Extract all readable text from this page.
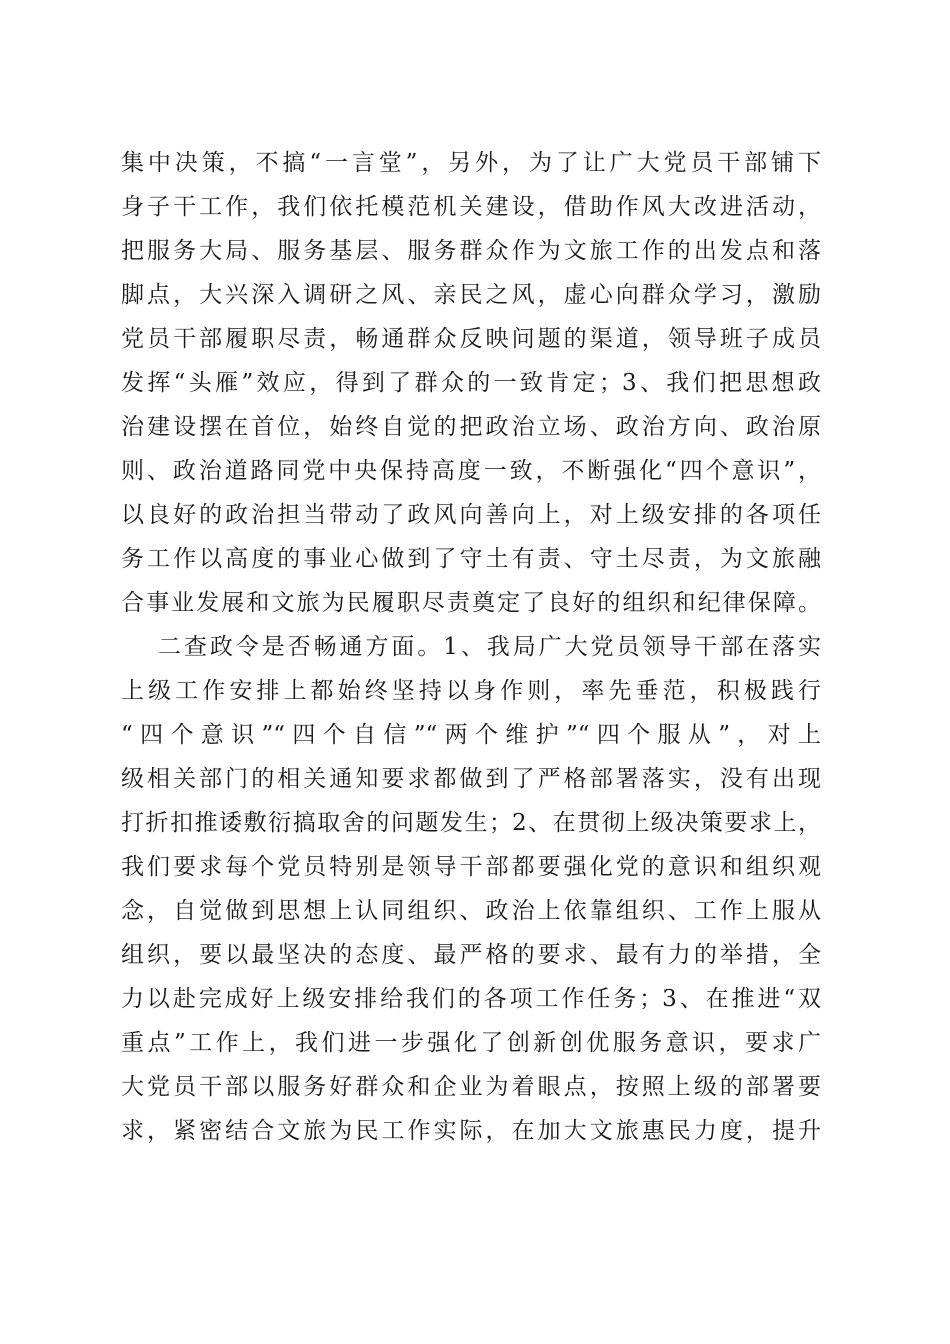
集中决策，不搞“一言堂”，另外，为了让广大党员干部铺下
身子干工作，我们依托模范机关建设，借助作风大改进活动，
把服务大局、服务基层、服务群众作为文旅工作的出发点和落
脚点，大兴深入调研之风、亲民之风，虚心向群众学习，激励
党员干部履职尽责，畅通群众反映问题的渠道，领导班子成员
发挥“头雁”效应，得到了群众的一致肯定；3、我们把思想政
治建设摆在首位，始终自觉的把政治立场、政治方向、政治原
则、政治道路同党中央保持高度一致，不断强化“四个意识”，
以良好的政治担当带动了政风向善向上，对上级安排的各项任
务工作以高度的事业心做到了守土有责、守土尽责，为文旅融
合事业发展和文旅为民履职尽责奠定了良好的组织和纪律保障。
二查政令是否畅通方面。1、我局广大党员领导干部在落实
上级工作安排上都始终坚持以身作则，率先垂范，积极践行
“四个意识”“四个自信”“两个维护”“四个服从”，对上
级相关部门的相关通知要求都做到了严格部署落实，没有出现
打折扣推诿敷衍搞取舍的问题发生；2、在贯彻上级决策要求上，
我们要求每个党员特别是领导干部都要强化党的意识和组织观
念，自觉做到思想上认同组织、政治上依靠组织、工作上服从
组织，要以最坚决的态度、最严格的要求、最有力的举措，全
力以赴完成好上级安排给我们的各项工作任务；3、在推进“双
重点”工作上，我们进一步强化了创新创优服务意识，要求广
大党员干部以服务好群众和企业为着眼点，按照上级的部署要
求，紧密结合文旅为民工作实际，在加大文旅惠民力度，提升
